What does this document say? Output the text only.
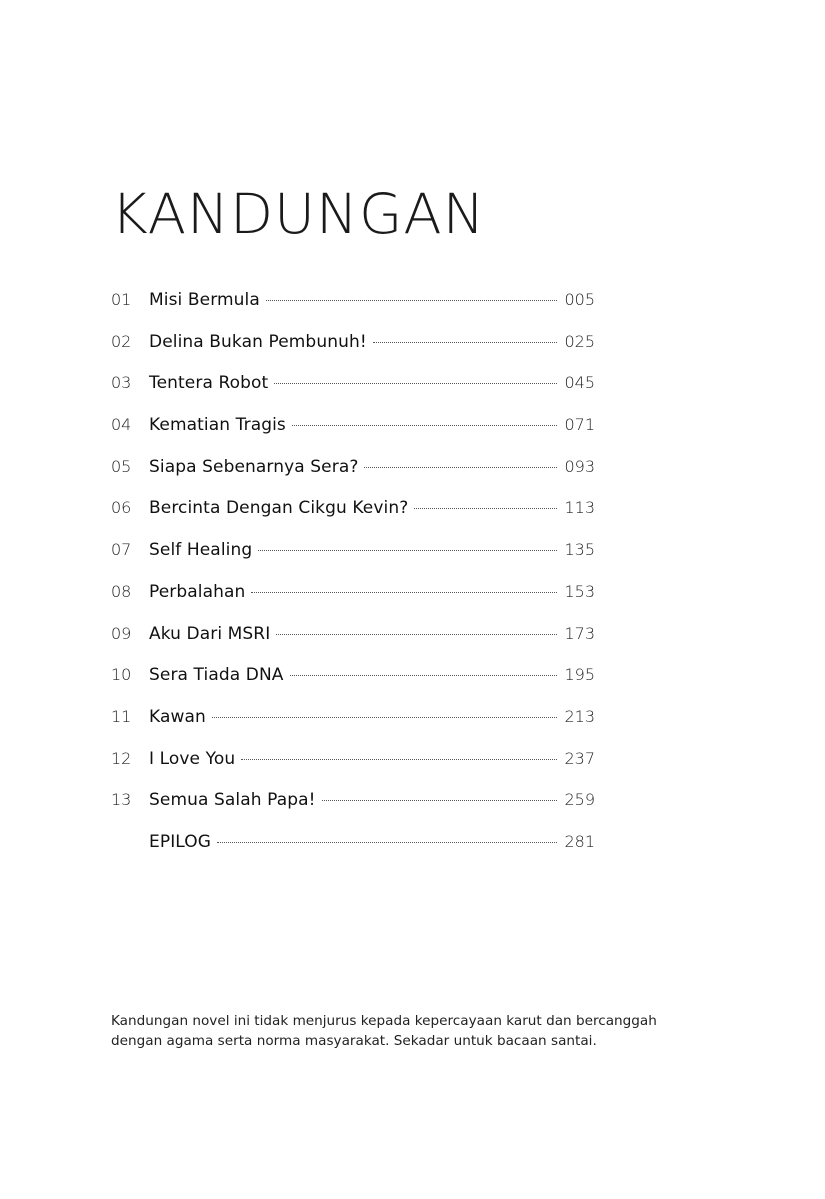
KANDUNGAN
01	Misi Bermula	005
02	Delina Bukan Pembunuh!	025
03	Tentera Robot	045
04	Kematian Tragis	071
05	Siapa Sebenarnya Sera?	093
06	Bercinta Dengan Cikgu Kevin?	113
07	Self Healing	135
08	Perbalahan	153
09	Aku Dari MSRI	173
10	Sera Tiada DNA	195
11	Kawan	213
12	I Love You	237
13	Semua Salah Papa!	259
EPILOG	281

Kandungan novel ini tidak menjurus kepada kepercayaan karut dan bercanggah
dengan agama serta norma masyarakat. Sekadar untuk bacaan santai.
